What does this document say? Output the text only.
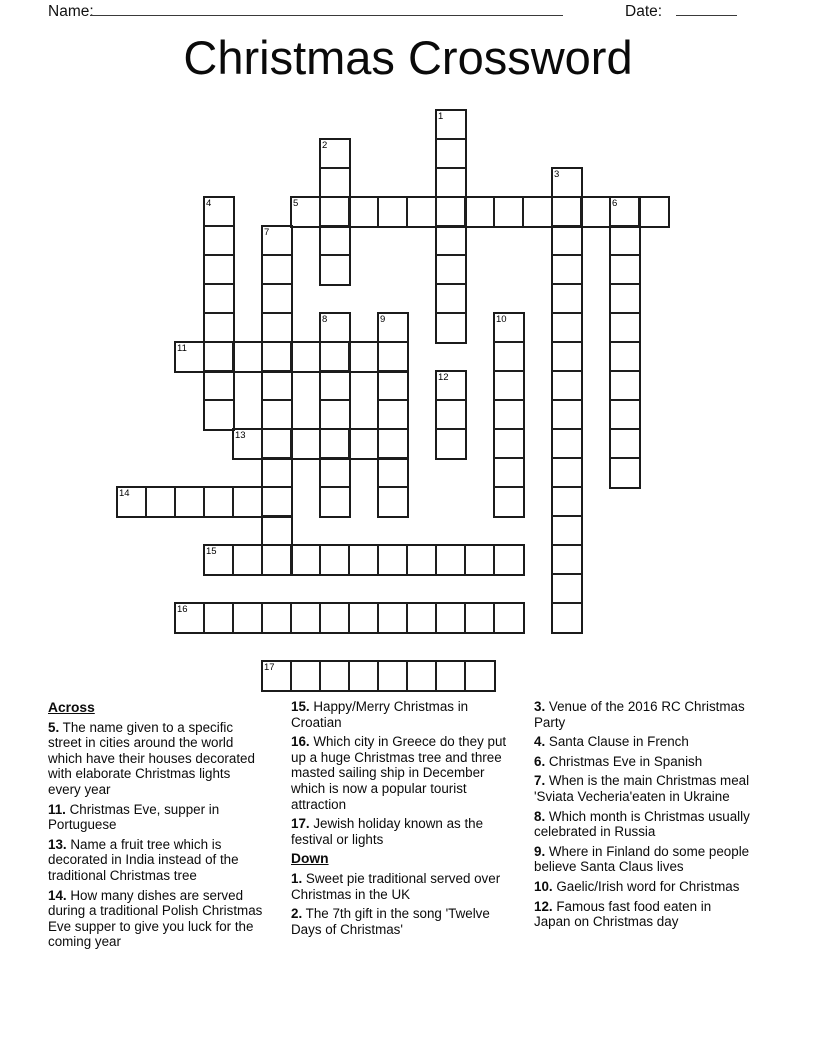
Name:	Date:
Christmas Crossword
1
2
3
4	5	6
7
8	9	10
11
12
13
14
15
16
17
Across
5. The name given to a specific street in cities around the world which have their houses decorated with elaborate Christmas lights every year
11. Christmas Eve, supper in Portuguese
13. Name a fruit tree which is decorated in India instead of the traditional Christmas tree
14. How many dishes are served during a traditional Polish Christmas Eve supper to give you luck for the coming year
15. Happy/Merry Christmas in Croatian
16. Which city in Greece do they put up a huge Christmas tree and three masted sailing ship in December which is now a popular tourist attraction
17. Jewish holiday known as the festival or lights
Down
1. Sweet pie traditional served over Christmas in the UK
2. The 7th gift in the song 'Twelve Days of Christmas'
3. Venue of the 2016 RC Christmas Party
4. Santa Clause in French
6. Christmas Eve in Spanish
7. When is the main Christmas meal 'Sviata Vecheria'eaten in Ukraine
8. Which month is Christmas usually celebrated in Russia
9. Where in Finland do some people believe Santa Claus lives
10. Gaelic/Irish word for Christmas
12. Famous fast food eaten in Japan on Christmas day
